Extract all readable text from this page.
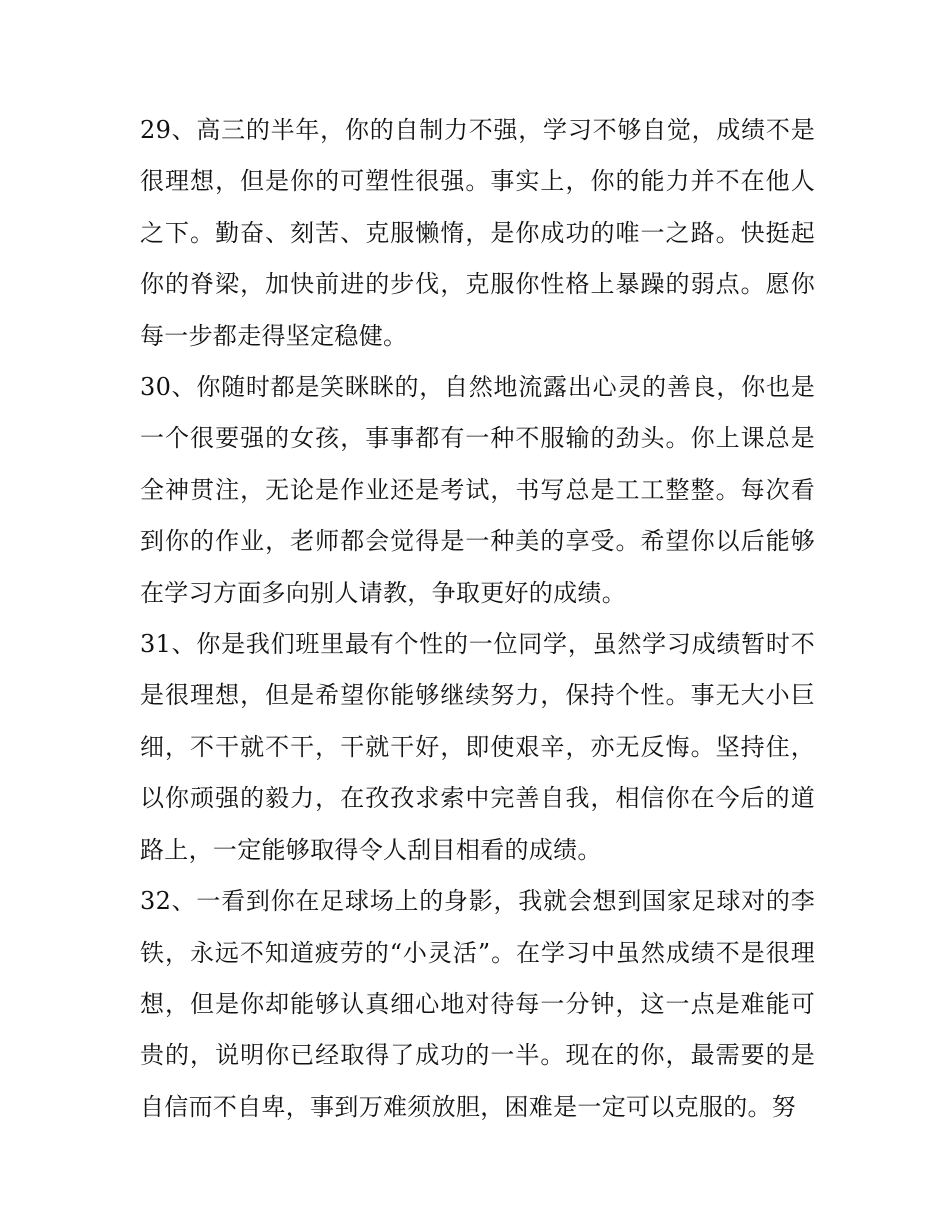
29、高三的半年，你的自制力不强，学习不够自觉，成绩不是很理想，但是你的可塑性很强。事实上，你的能力并不在他人之下。勤奋、刻苦、克服懒惰，是你成功的唯一之路。快挺起你的脊梁，加快前进的步伐，克服你性格上暴躁的弱点。愿你每一步都走得坚定稳健。

30、你随时都是笑眯眯的，自然地流露出心灵的善良，你也是一个很要强的女孩，事事都有一种不服输的劲头。你上课总是全神贯注，无论是作业还是考试，书写总是工工整整。每次看到你的作业，老师都会觉得是一种美的享受。希望你以后能够在学习方面多向别人请教，争取更好的成绩。

31、你是我们班里最有个性的一位同学，虽然学习成绩暂时不是很理想，但是希望你能够继续努力，保持个性。事无大小巨细，不干就不干，干就干好，即使艰辛，亦无反悔。坚持住，以你顽强的毅力，在孜孜求索中完善自我，相信你在今后的道路上，一定能够取得令人刮目相看的成绩。

32、一看到你在足球场上的身影，我就会想到国家足球对的李铁，永远不知道疲劳的“小灵活”。在学习中虽然成绩不是很理想，但是你却能够认真细心地对待每一分钟，这一点是难能可贵的，说明你已经取得了成功的一半。现在的你，最需要的是自信而不自卑，事到万难须放胆，困难是一定可以克服的。努
